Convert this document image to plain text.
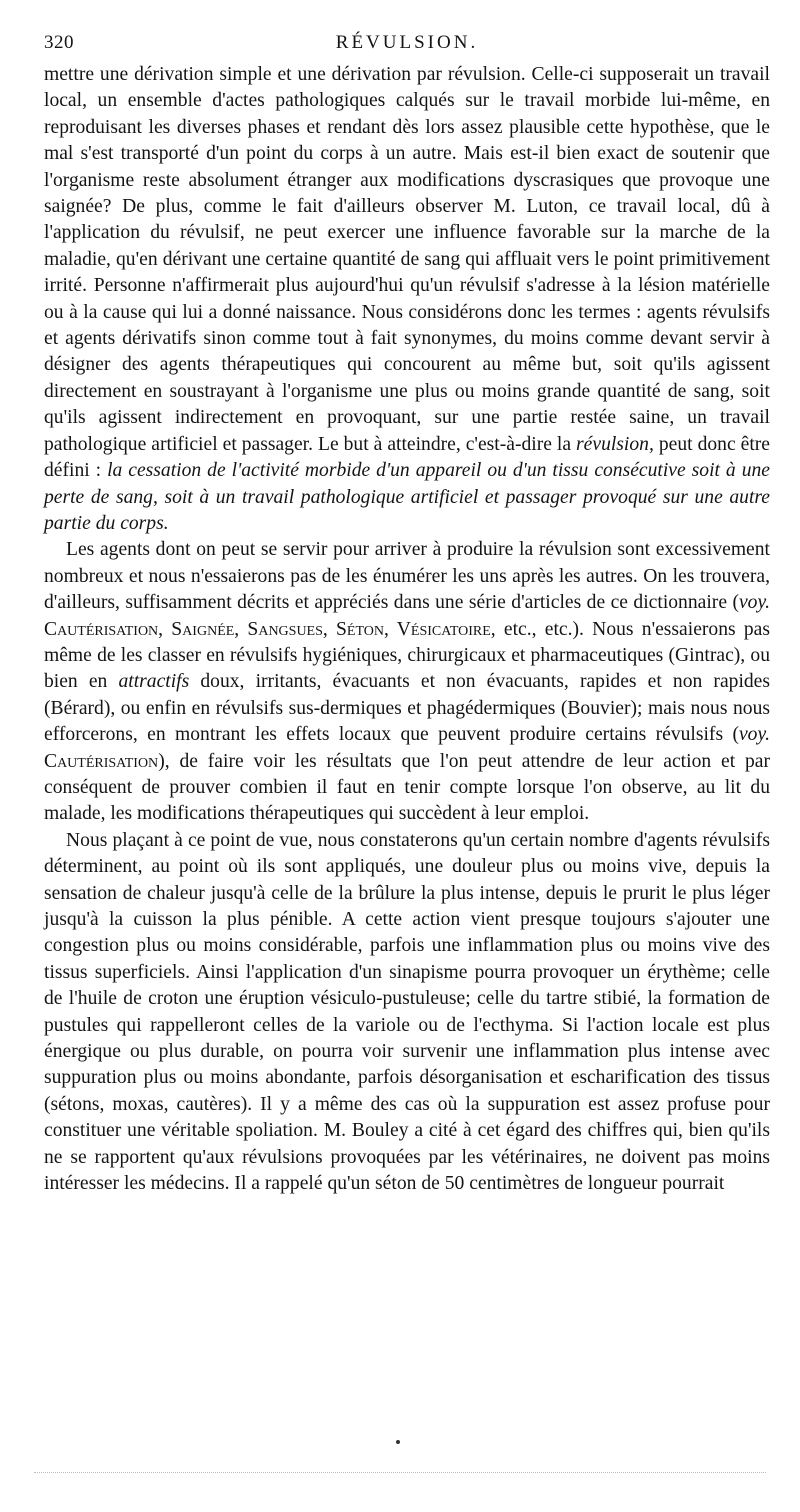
320	RÉVULSION.

mettre une dérivation simple et une dérivation par révulsion. Celle-ci supposerait un travail local, un ensemble d'actes pathologiques calqués sur le travail morbide lui-même, en reproduisant les diverses phases et rendant dès lors assez plausible cette hypothèse, que le mal s'est transporté d'un point du corps à un autre. Mais est-il bien exact de soutenir que l'organisme reste absolument étranger aux modifications dyscrasiques que provoque une saignée? De plus, comme le fait d'ailleurs observer M. Luton, ce travail local, dû à l'application du révulsif, ne peut exercer une influence favorable sur la marche de la maladie, qu'en dérivant une certaine quantité de sang qui affluait vers le point primitivement irrité. Personne n'affirmerait plus aujourd'hui qu'un révulsif s'adresse à la lésion matérielle ou à la cause qui lui a donné naissance. Nous considérons donc les termes : agents révulsifs et agents dérivatifs sinon comme tout à fait synonymes, du moins comme devant servir à désigner des agents thérapeutiques qui concourent au même but, soit qu'ils agissent directement en soustrayant à l'organisme une plus ou moins grande quantité de sang, soit qu'ils agissent indirectement en provoquant, sur une partie restée saine, un travail pathologique artificiel et passager. Le but à atteindre, c'est-à-dire la révulsion, peut donc être défini : la cessation de l'activité morbide d'un appareil ou d'un tissu consécutive soit à une perte de sang, soit à un travail pathologique artificiel et passager provoqué sur une autre partie du corps.

Les agents dont on peut se servir pour arriver à produire la révulsion sont excessivement nombreux et nous n'essaierons pas de les énumérer les uns après les autres. On les trouvera, d'ailleurs, suffisamment décrits et appréciés dans une série d'articles de ce dictionnaire (voy. Cautérisation, Saignée, Sangsues, Séton, Vésicatoire, etc., etc.). Nous n'essaierons pas même de les classer en révulsifs hygiéniques, chirurgicaux et pharmaceutiques (Gintrac), ou bien en attractifs doux, irritants, évacuants et non évacuants, rapides et non rapides (Bérard), ou enfin en révulsifs sus-dermiques et phagédermiques (Bouvier); mais nous nous efforcerons, en montrant les effets locaux que peuvent produire certains révulsifs (voy. Cautérisation), de faire voir les résultats que l'on peut attendre de leur action et par conséquent de prouver combien il faut en tenir compte lorsque l'on observe, au lit du malade, les modifications thérapeutiques qui succèdent à leur emploi.

Nous plaçant à ce point de vue, nous constaterons qu'un certain nombre d'agents révulsifs déterminent, au point où ils sont appliqués, une douleur plus ou moins vive, depuis la sensation de chaleur jusqu'à celle de la brûlure la plus intense, depuis le prurit le plus léger jusqu'à la cuisson la plus pénible. A cette action vient presque toujours s'ajouter une congestion plus ou moins considérable, parfois une inflammation plus ou moins vive des tissus superficiels. Ainsi l'application d'un sinapisme pourra provoquer un érythème; celle de l'huile de croton une éruption vésiculo-pustuleuse; celle du tartre stibié, la formation de pustules qui rappelleront celles de la variole ou de l'ecthyma. Si l'action locale est plus énergique ou plus durable, on pourra voir survenir une inflammation plus intense avec suppuration plus ou moins abondante, parfois désorganisation et escharification des tissus (sétons, moxas, cautères). Il y a même des cas où la suppuration est assez profuse pour constituer une véritable spoliation. M. Bouley a cité à cet égard des chiffres qui, bien qu'ils ne se rapportent qu'aux révulsions provoquées par les vétérinaires, ne doivent pas moins intéresser les médecins. Il a rappelé qu'un séton de 50 centimètres de longueur pourrait
